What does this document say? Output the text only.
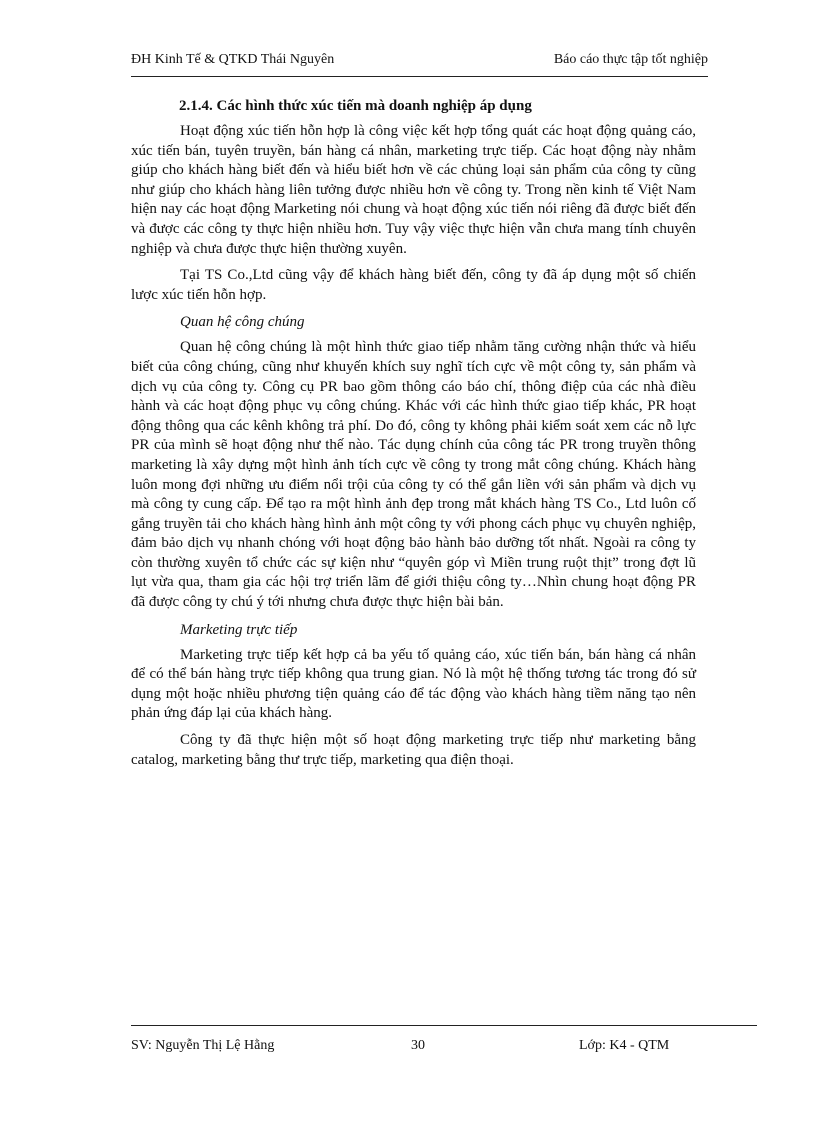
ĐH Kinh Tế & QTKD Thái Nguyên	Báo cáo thực tập tốt nghiệp
2.1.4. Các hình thức xúc tiến mà doanh nghiệp áp dụng

Hoạt động xúc tiến hỗn hợp là công việc kết hợp tổng quát các hoạt động quảng cáo, xúc tiến bán, tuyên truyền, bán hàng cá nhân, marketing trực tiếp. Các hoạt động này nhằm giúp cho khách hàng biết đến và hiểu biết hơn về các chủng loại sản phẩm của công ty cũng như giúp cho khách hàng liên tưởng được nhiều hơn về công ty. Trong nền kinh tế Việt Nam hiện nay các hoạt động Marketing nói chung và hoạt động xúc tiến nói riêng đã được biết đến và được các công ty thực hiện nhiều hơn. Tuy vậy việc thực hiện vẫn chưa mang tính chuyên nghiệp và chưa được thực hiện thường xuyên.

Tại TS Co.,Ltd cũng vậy để khách hàng biết đến, công ty đã áp dụng một số chiến lược xúc tiến hỗn hợp.

Quan hệ công chúng

Quan hệ công chúng là một hình thức giao tiếp nhằm tăng cường nhận thức và hiểu biết của công chúng, cũng như khuyến khích suy nghĩ tích cực về một công ty, sản phẩm và dịch vụ của công ty. Công cụ PR bao gồm thông cáo báo chí, thông điệp của các nhà điều hành và các hoạt động phục vụ công chúng. Khác với các hình thức giao tiếp khác, PR hoạt động thông qua các kênh không trả phí. Do đó, công ty không phải kiểm soát xem các nỗ lực PR của mình sẽ hoạt động như thế nào. Tác dụng chính của công tác PR trong truyền thông marketing là xây dựng một hình ảnh tích cực về công ty trong mắt công chúng. Khách hàng luôn mong đợi những ưu điểm nổi trội của công ty có thể gắn liền với sản phẩm và dịch vụ mà công ty cung cấp. Để tạo ra một hình ảnh đẹp trong mắt khách hàng TS Co., Ltd luôn cố gắng truyền tải cho khách hàng hình ảnh một công ty với phong cách phục vụ chuyên nghiệp, đảm bảo dịch vụ nhanh chóng với hoạt động bảo hành bảo dưỡng tốt nhất. Ngoài ra công ty còn thường xuyên tổ chức các sự kiện như “quyên góp vì Miền trung ruột thịt” trong đợt lũ lụt vừa qua, tham gia các hội trợ triển lãm để giới thiệu công ty…Nhìn chung hoạt động PR đã được công ty chú ý tới nhưng chưa được thực hiện bài bản.

Marketing trực tiếp

Marketing trực tiếp kết hợp cả ba yếu tố quảng cáo, xúc tiến bán, bán hàng cá nhân để có thể bán hàng trực tiếp không qua trung gian. Nó là một hệ thống tương tác trong đó sử dụng một hoặc nhiều phương tiện quảng cáo để tác động vào khách hàng tiềm năng tạo nên phản ứng đáp lại của khách hàng.

Công ty đã thực hiện một số hoạt động marketing trực tiếp như marketing bằng catalog, marketing bằng thư trực tiếp, marketing qua điện thoại.

SV: Nguyễn Thị Lệ Hằng	30	Lớp: K4 - QTM
